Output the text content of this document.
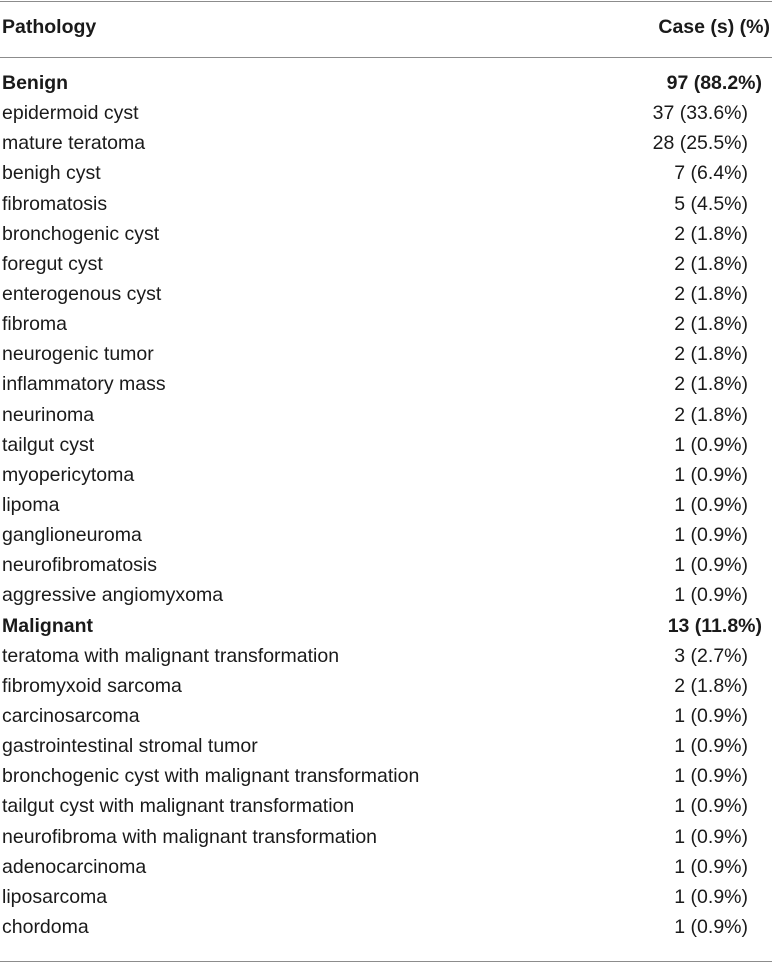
Pathology	Case (s) (%)
Benign	97 (88.2%)
epidermoid cyst	37 (33.6%)
mature teratoma	28 (25.5%)
benigh cyst	7 (6.4%)
fibromatosis	5 (4.5%)
bronchogenic cyst	2 (1.8%)
foregut cyst	2 (1.8%)
enterogenous cyst	2 (1.8%)
fibroma	2 (1.8%)
neurogenic tumor	2 (1.8%)
inflammatory mass	2 (1.8%)
neurinoma	2 (1.8%)
tailgut cyst	1 (0.9%)
myopericytoma	1 (0.9%)
lipoma	1 (0.9%)
ganglioneuroma	1 (0.9%)
neurofibromatosis	1 (0.9%)
aggressive angiomyxoma	1 (0.9%)
Malignant	13 (11.8%)
teratoma with malignant transformation	3 (2.7%)
fibromyxoid sarcoma	2 (1.8%)
carcinosarcoma	1 (0.9%)
gastrointestinal stromal tumor	1 (0.9%)
bronchogenic cyst with malignant transformation	1 (0.9%)
tailgut cyst with malignant transformation	1 (0.9%)
neurofibroma with malignant transformation	1 (0.9%)
adenocarcinoma	1 (0.9%)
liposarcoma	1 (0.9%)
chordoma	1 (0.9%)
